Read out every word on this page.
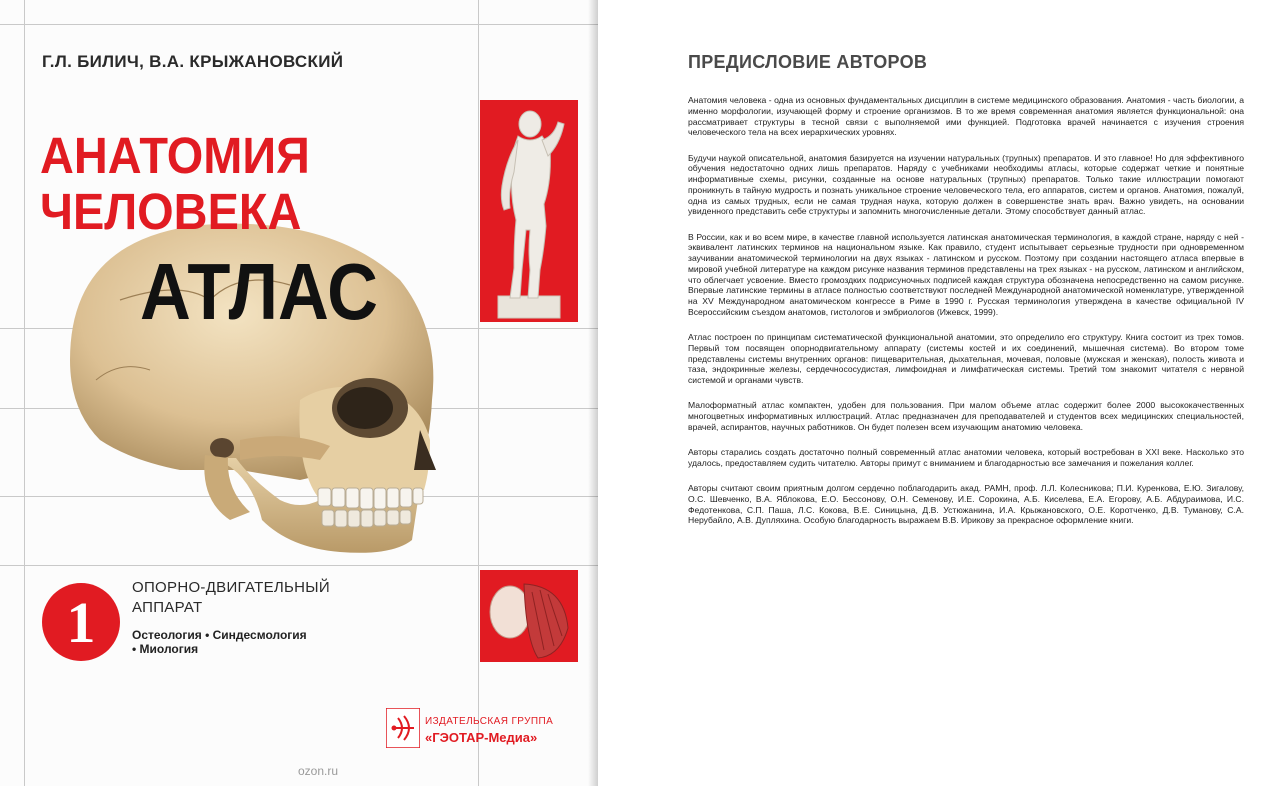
Г.Л. БИЛИЧ, В.А. КРЫЖАНОВСКИЙ

АНАТОМИЯ

ЧЕЛОВЕКА

АТЛАС

1

ОПОРНО-ДВИГАТЕЛЬНЫЙ

АППАРАТ

Остеология • Синдесмология

• Миология

ИЗДАТЕЛЬСКАЯ ГРУППА

«ГЭОТАР-Медиа»

ozon.ru

ПРЕДИСЛОВИЕ АВТОРОВ

Анатомия человека - одна из основных фундаментальных дисциплин в системе медицинского образования. Анатомия - часть биологии, а именно морфологии, изучающей форму и строение организмов. В то же время современная анатомия является функциональной: она рассматривает структуры в тесной связи с выполняемой ими функцией. Подготовка врачей начинается с изучения строения человеческого тела на всех иерархических уровнях.

Будучи наукой описательной, анатомия базируется на изучении натуральных (трупных) препаратов. И это главное! Но для эффективного обучения недостаточно одних лишь препаратов. Наряду с учебниками необходимы атласы, которые содержат четкие и понятные информативные схемы, рисунки, созданные на основе натуральных (трупных) препаратов. Только такие иллюстрации помогают проникнуть в тайную мудрость и познать уникальное строение человеческого тела, его аппаратов, систем и органов. Анатомия, пожалуй, одна из самых трудных, если не самая трудная наука, которую должен в совершенстве знать врач. Важно увидеть, на основании увиденного представить себе структуры и запомнить многочисленные детали. Этому способствует данный атлас.

В России, как и во всем мире, в качестве главной используется латинская анатомическая терминология, в каждой стране, наряду с ней - эквивалент латинских терминов на национальном языке. Как правило, студент испытывает серьезные трудности при одновременном заучивании анатомической терминологии на двух языках - латинском и русском. Поэтому при создании настоящего атласа впервые в мировой учебной литературе на каждом рисунке названия терминов представлены на трех языках - на русском, латинском и английском, что облегчает усвоение. Вместо громоздких подрисуночных подписей каждая структура обозначена непосредственно на самом рисунке. Впервые латинские термины в атласе полностью соответствуют последней Международной анатомической номенклатуре, утвержденной на XV Международном анатомическом конгрессе в Риме в 1990 г. Русская терминология утверждена в качестве официальной IV Всероссийским съездом анатомов, гистологов и эмбриологов (Ижевск, 1999).

Атлас построен по принципам систематической функциональной анатомии, это определило его структуру. Книга состоит из трех томов. Первый том посвящен опорнодвигательному аппарату (системы костей и их соединений, мышечная система). Во втором томе представлены системы внутренних органов: пищеварительная, дыхательная, мочевая, половые (мужская и женская), полость живота и таза, эндокринные железы, сердечнососудистая, лимфоидная и лимфатическая системы. Третий том знакомит читателя с нервной системой и органами чувств.

Малоформатный атлас компактен, удобен для пользования. При малом объеме атлас содержит более 2000 высококачественных многоцветных информативных иллюстраций. Атлас предназначен для преподавателей и студентов всех медицинских специальностей, врачей, аспирантов, научных работников. Он будет полезен всем изучающим анатомию человека.

Авторы старались создать достаточно полный современный атлас анатомии человека, который востребован в XXI веке. Насколько это удалось, предоставляем судить читателю. Авторы примут с вниманием и благодарностью все замечания и пожелания коллег.

Авторы считают своим приятным долгом сердечно поблагодарить акад. РАМН, проф. Л.Л. Колесникова; П.И. Куренкова, Е.Ю. Зигалову, О.С. Шевченко, В.А. Яблокова, Е.О. Бессонову, О.Н. Семенову, И.Е. Сорокина, А.Б. Киселева, Е.А. Егорову, А.Б. Абдураимова, И.С. Федотенкова, С.П. Паша, Л.С. Кокова, В.Е. Синицына, Д.В. Устюжанина, И.А. Крыжановского, О.Е. Коротченко, Д.В. Туманову, С.А. Нерубайло, А.В. Дупляхина. Особую благодарность выражаем В.В. Ирикову за прекрасное оформление книги.
